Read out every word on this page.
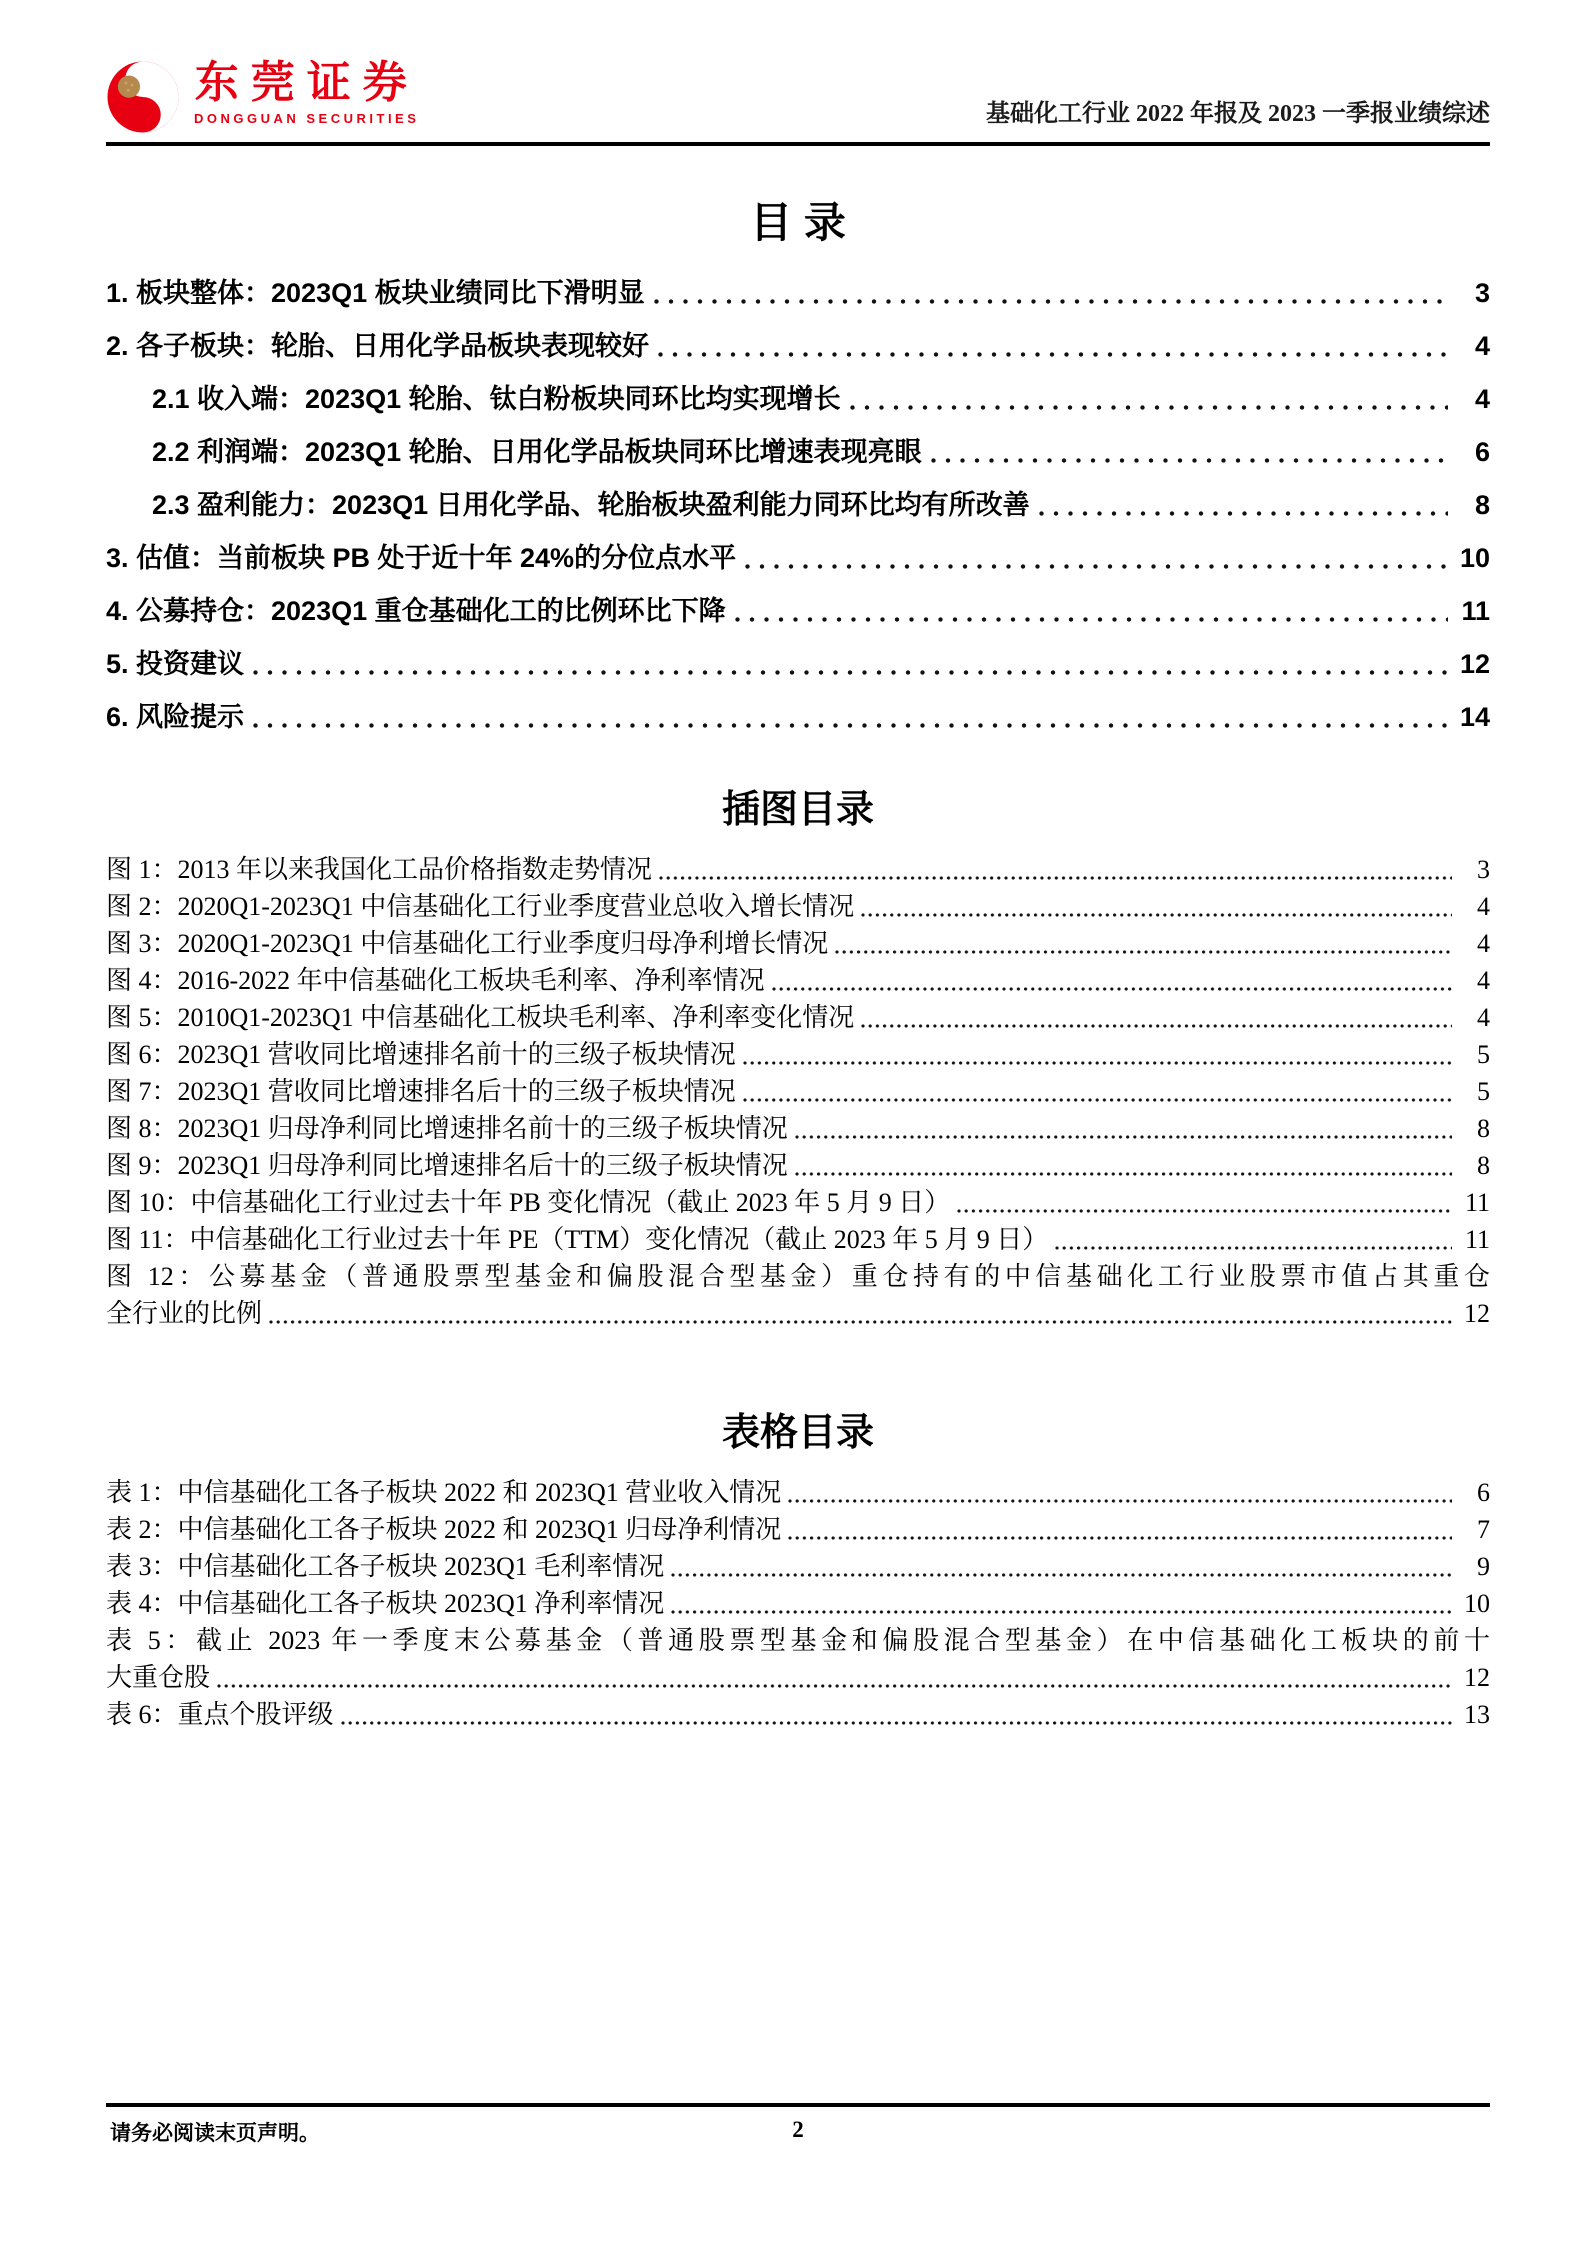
东莞证券
DONGGUAN SECURITIES	基础化工行业 2022 年报及 2023 一季报业绩综述
目 录
1. 板块整体：2023Q1 板块业绩同比下滑明显	3
2. 各子板块：轮胎、日用化学品板块表现较好	4
2.1 收入端：2023Q1 轮胎、钛白粉板块同环比均实现增长	4
2.2 利润端：2023Q1 轮胎、日用化学品板块同环比增速表现亮眼	6
2.3 盈利能力：2023Q1 日用化学品、轮胎板块盈利能力同环比均有所改善	8
3. 估值：当前板块 PB 处于近十年 24%的分位点水平	10
4. 公募持仓：2023Q1 重仓基础化工的比例环比下降	11
5. 投资建议	12
6. 风险提示	14
插图目录
图 1：2013 年以来我国化工品价格指数走势情况	3
图 2：2020Q1-2023Q1 中信基础化工行业季度营业总收入增长情况	4
图 3：2020Q1-2023Q1 中信基础化工行业季度归母净利增长情况	4
图 4：2016-2022 年中信基础化工板块毛利率、净利率情况	4
图 5：2010Q1-2023Q1 中信基础化工板块毛利率、净利率变化情况	4
图 6：2023Q1 营收同比增速排名前十的三级子板块情况	5
图 7：2023Q1 营收同比增速排名后十的三级子板块情况	5
图 8：2023Q1 归母净利同比增速排名前十的三级子板块情况	8
图 9：2023Q1 归母净利同比增速排名后十的三级子板块情况	8
图 10：中信基础化工行业过去十年 PB 变化情况（截止 2023 年 5 月 9 日）	11
图 11：中信基础化工行业过去十年 PE（TTM）变化情况（截止 2023 年 5 月 9 日）	11
图 12：公募基金（普通股票型基金和偏股混合型基金）重仓持有的中信基础化工行业股票市值占其重仓
全行业的比例	12
表格目录
表 1：中信基础化工各子板块 2022 和 2023Q1 营业收入情况	6
表 2：中信基础化工各子板块 2022 和 2023Q1 归母净利情况	7
表 3：中信基础化工各子板块 2023Q1 毛利率情况	9
表 4：中信基础化工各子板块 2023Q1 净利率情况	10
表 5：截止 2023 年一季度末公募基金（普通股票型基金和偏股混合型基金）在中信基础化工板块的前十
大重仓股	12
表 6：重点个股评级	13
请务必阅读末页声明。	2
